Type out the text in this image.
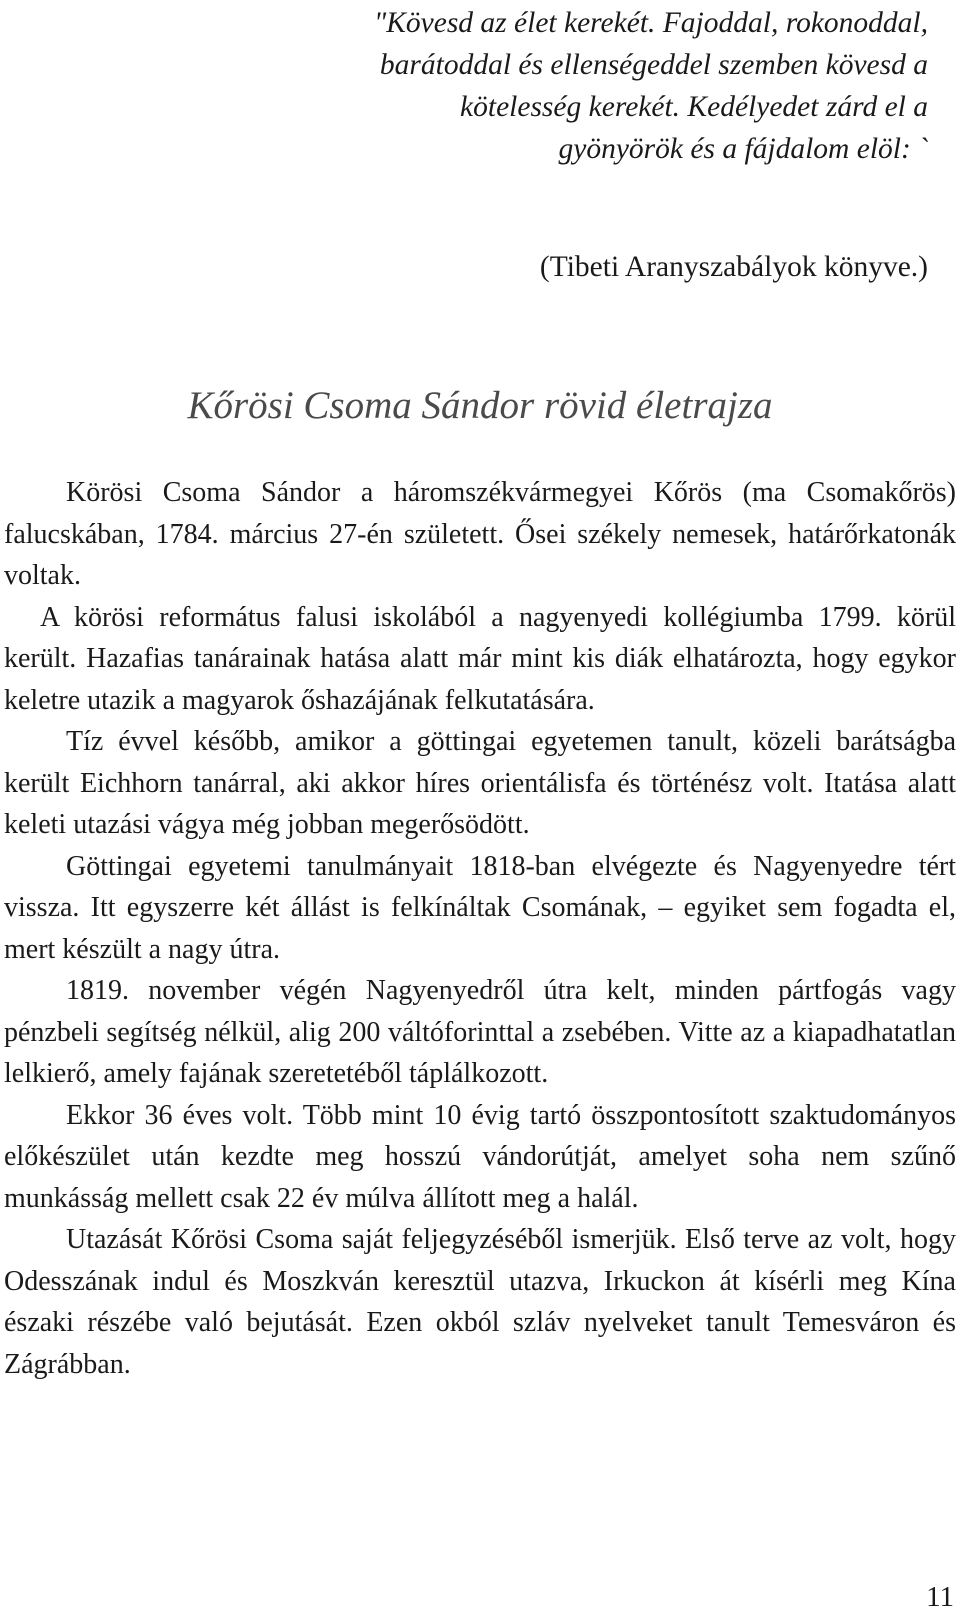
"Kövesd az élet kerekét. Fajoddal, rokonoddal, barátoddal és ellenségeddel szemben kövesd a kötelesség kerekét. Kedélyedet zárd el a gyönyörök és a fájdalom elöl: `
(Tibeti Aranyszabályok könyve.)
Kőrösi Csoma Sándor rövid életrajza

Körösi Csoma Sándor a háromszékvármegyei Kőrös (ma Csomakőrös) falucskában, 1784. március 27-én született. Ősei székely nemesek, határőrkatonák voltak.

A körösi református falusi iskolából a nagyenyedi kollégiumba 1799. körül került. Hazafias tanárainak hatása alatt már mint kis diák elhatározta, hogy egykor keletre utazik a magyarok őshazájának felkutatására.

Tíz évvel később, amikor a göttingai egyetemen tanult, közeli barátságba került Eichhorn tanárral, aki akkor híres orientálisfa és történész volt. Itatása alatt keleti utazási vágya még jobban megerősödött.

Göttingai egyetemi tanulmányait 1818-ban elvégezte és Nagyenyedre tért vissza. Itt egyszerre két állást is felkínáltak Csomának, – egyiket sem fogadta el, mert készült a nagy útra.

1819. november végén Nagyenyedről útra kelt, minden pártfogás vagy pénzbeli segítség nélkül, alig 200 váltóforinttal a zsebében. Vitte az a kiapadhatatlan lelkierő, amely fajának szeretetéből táplálkozott.

Ekkor 36 éves volt. Több mint 10 évig tartó összpontosított szaktudományos előkészület után kezdte meg hosszú vándorútját, amelyet soha nem szűnő munkásság mellett csak 22 év múlva állított meg a halál.

Utazását Kőrösi Csoma saját feljegyzéséből ismerjük. Első terve az volt, hogy Odesszának indul és Moszkván keresztül utazva, Irkuckon át kísérli meg Kína északi részébe való bejutását. Ezen okból szláv nyelveket tanult Temesváron és Zágrábban.

11
